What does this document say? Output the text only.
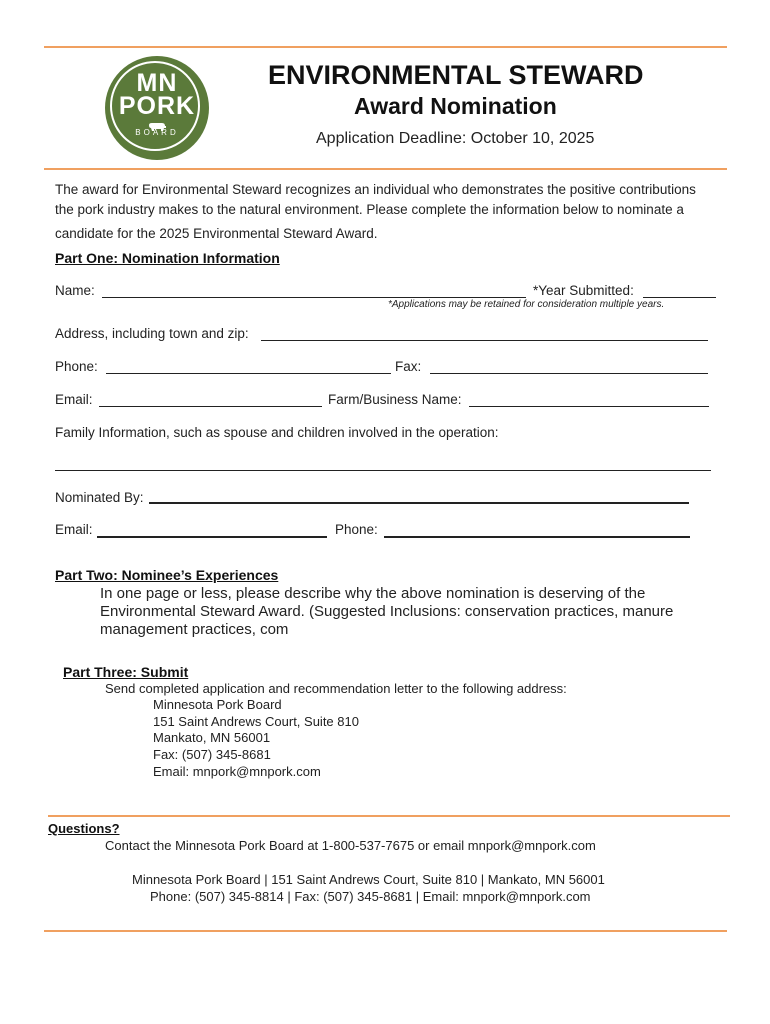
MN
PORK
BOARD
ENVIRONMENTAL STEWARD
Award Nomination
Application Deadline: October 10, 2025
The award for Environmental Steward recognizes an individual who demonstrates the positive contributions
the pork industry makes to the natural environment. Please complete the information below to nominate a
candidate for the 2025 Environmental Steward Award.
Part One: Nomination Information
Name:	*Year Submitted:
*Applications may be retained for consideration multiple years.
Address, including town and zip:
Phone:	Fax:
Email:	Farm/Business Name:
Family Information, such as spouse and children involved in the operation:
Nominated By:
Email:	Phone:
Part Two: Nominee’s Experiences
In one page or less, please describe why the above nomination is deserving of the
Environmental Steward Award. (Suggested Inclusions: conservation practices, manure
management practices, com
Part Three: Submit
Send completed application and recommendation letter to the following address:
Minnesota Pork Board
151 Saint Andrews Court, Suite 810
Mankato, MN 56001
Fax: (507) 345-8681
Email: mnpork@mnpork.com
Questions?
Contact the Minnesota Pork Board at 1-800-537-7675 or email mnpork@mnpork.com
Minnesota Pork Board | 151 Saint Andrews Court, Suite 810 | Mankato, MN 56001
Phone: (507) 345-8814 | Fax: (507) 345-8681 | Email: mnpork@mnpork.com
